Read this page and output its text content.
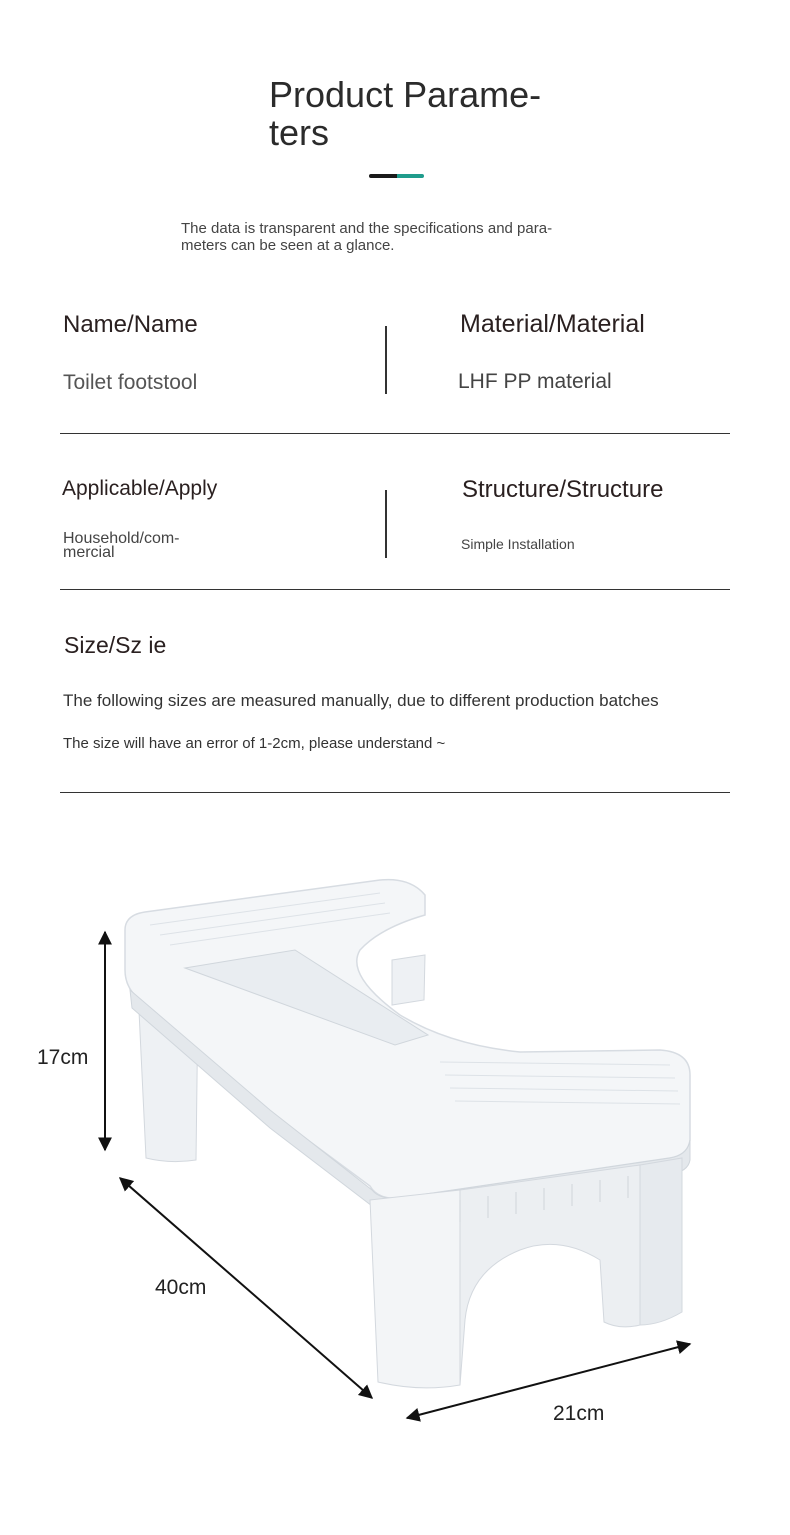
Product Parame-
ters
The data is transparent and the specifications and para-
meters can be seen at a glance.
Name/Name
Toilet footstool
Material/Material
LHF PP material
Applicable/Apply
Household/com-
mercial
Structure/Structure
Simple Installation
Size/Sz ie
The following sizes are measured manually, due to different production batches
The size will have an error of 1-2cm, please understand ~
17cm
40cm
21cm
